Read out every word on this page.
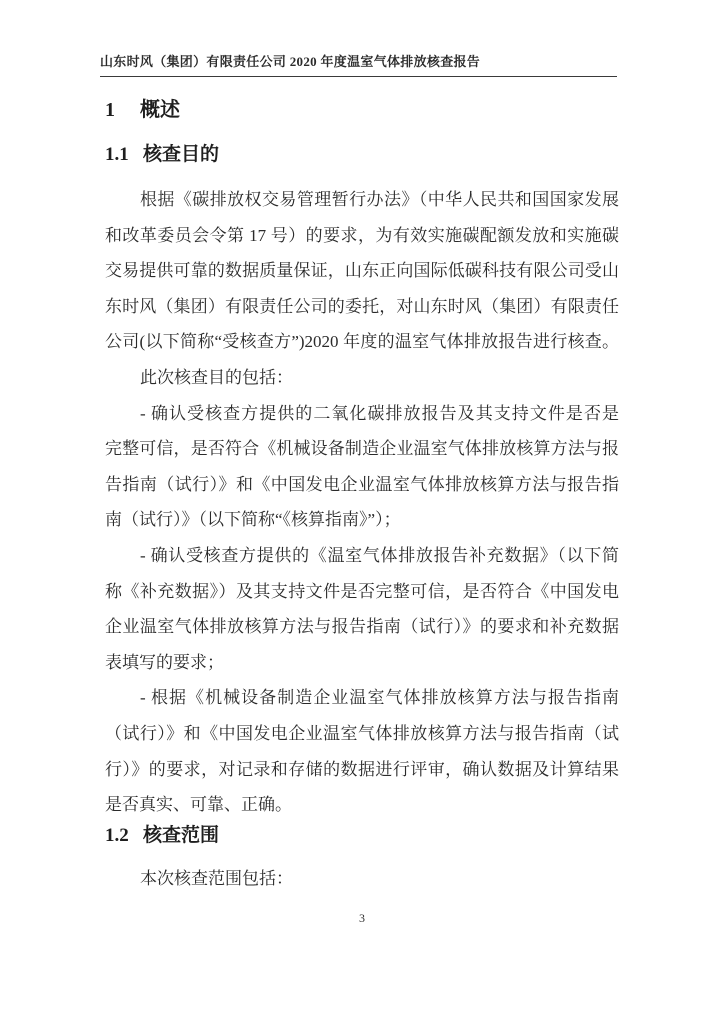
山东时风（集团）有限责任公司 2020 年度温室气体排放核查报告
1 概述
1.1 核查目的
根据《碳排放权交易管理暂行办法》（中华人民共和国国家发展
和改革委员会令第 17 号）的要求，为有效实施碳配额发放和实施碳
交易提供可靠的数据质量保证，山东正向国际低碳科技有限公司受山
东时风（集团）有限责任公司的委托，对山东时风（集团）有限责任
公司(以下简称“受核查方”)2020 年度的温室气体排放报告进行核查。
此次核查目的包括：
- 确认受核查方提供的二氧化碳排放报告及其支持文件是否是
完整可信，是否符合《机械设备制造企业温室气体排放核算方法与报
告指南（试行）》和《中国发电企业温室气体排放核算方法与报告指
南（试行）》（以下简称“《核算指南》”）；
- 确认受核查方提供的《温室气体排放报告补充数据》（以下简
称《补充数据》）及其支持文件是否完整可信，是否符合《中国发电
企业温室气体排放核算方法与报告指南（试行）》的要求和补充数据
表填写的要求；
- 根据《机械设备制造企业温室气体排放核算方法与报告指南
（试行）》和《中国发电企业温室气体排放核算方法与报告指南（试
行）》的要求，对记录和存储的数据进行评审，确认数据及计算结果
是否真实、可靠、正确。
1.2 核查范围
本次核查范围包括：
3
